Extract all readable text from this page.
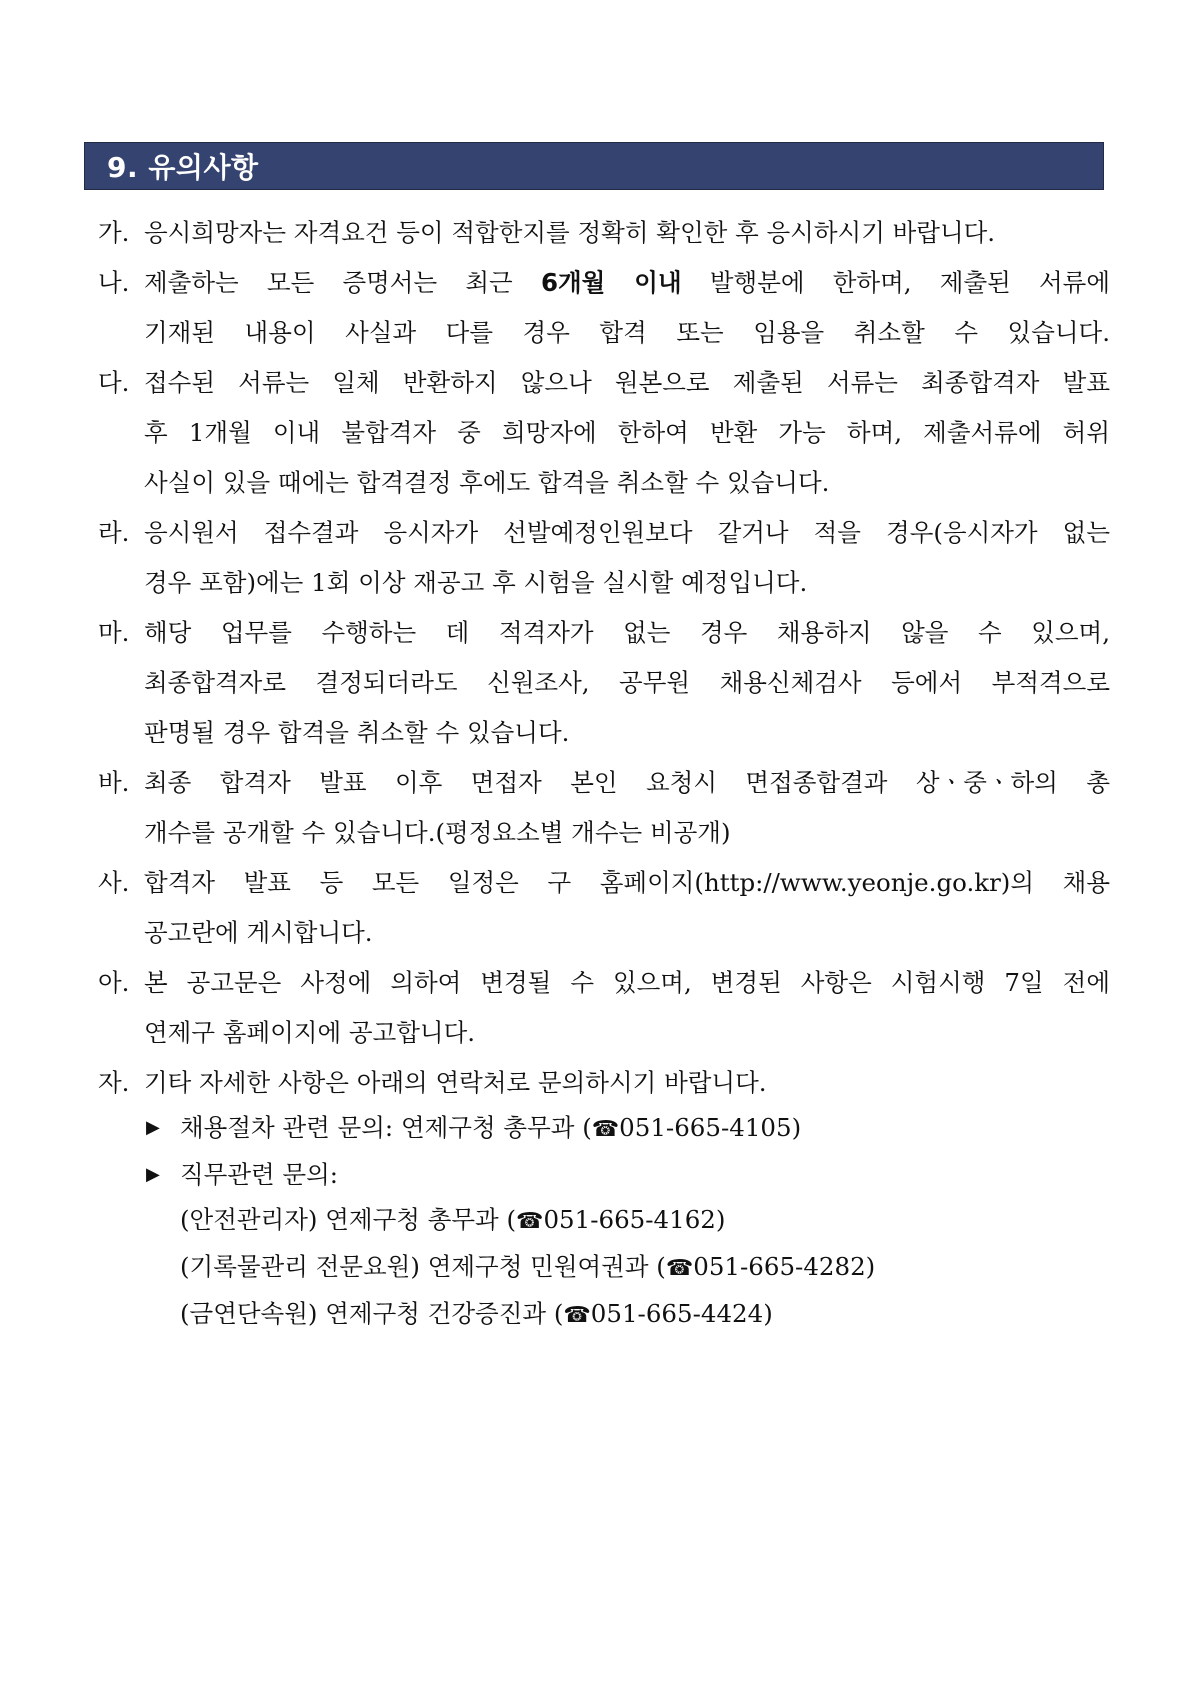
9. 유의사항
가. 응시희망자는 자격요건 등이 적합한지를 정확히 확인한 후 응시하시기 바랍니다.
나. 제출하는 모든 증명서는 최근 6개월 이내 발행분에 한하며, 제출된 서류에
기재된 내용이 사실과 다를 경우 합격 또는 임용을 취소할 수 있습니다.
다. 접수된 서류는 일체 반환하지 않으나 원본으로 제출된 서류는 최종합격자 발표
후 1개월 이내 불합격자 중 희망자에 한하여 반환 가능 하며, 제출서류에 허위
사실이 있을 때에는 합격결정 후에도 합격을 취소할 수 있습니다.
라. 응시원서 접수결과 응시자가 선발예정인원보다 같거나 적을 경우(응시자가 없는
경우 포함)에는 1회 이상 재공고 후 시험을 실시할 예정입니다.
마. 해당 업무를 수행하는 데 적격자가 없는 경우 채용하지 않을 수 있으며,
최종합격자로 결정되더라도 신원조사, 공무원 채용신체검사 등에서 부적격으로
판명될 경우 합격을 취소할 수 있습니다.
바. 최종 합격자 발표 이후 면접자 본인 요청시 면접종합결과 상ㆍ중ㆍ하의 총
개수를 공개할 수 있습니다.(평정요소별 개수는 비공개)
사. 합격자 발표 등 모든 일정은 구 홈페이지(http://www.yeonje.go.kr)의 채용
공고란에 게시합니다.
아. 본 공고문은 사정에 의하여 변경될 수 있으며, 변경된 사항은 시험시행 7일 전에
연제구 홈페이지에 공고합니다.
자. 기타 자세한 사항은 아래의 연락처로 문의하시기 바랍니다.
▶ 채용절차 관련 문의: 연제구청 총무과 (☎051-665-4105)
▶ 직무관련 문의:
(안전관리자) 연제구청 총무과 (☎051-665-4162)
(기록물관리 전문요원) 연제구청 민원여권과 (☎051-665-4282)
(금연단속원) 연제구청 건강증진과 (☎051-665-4424)
